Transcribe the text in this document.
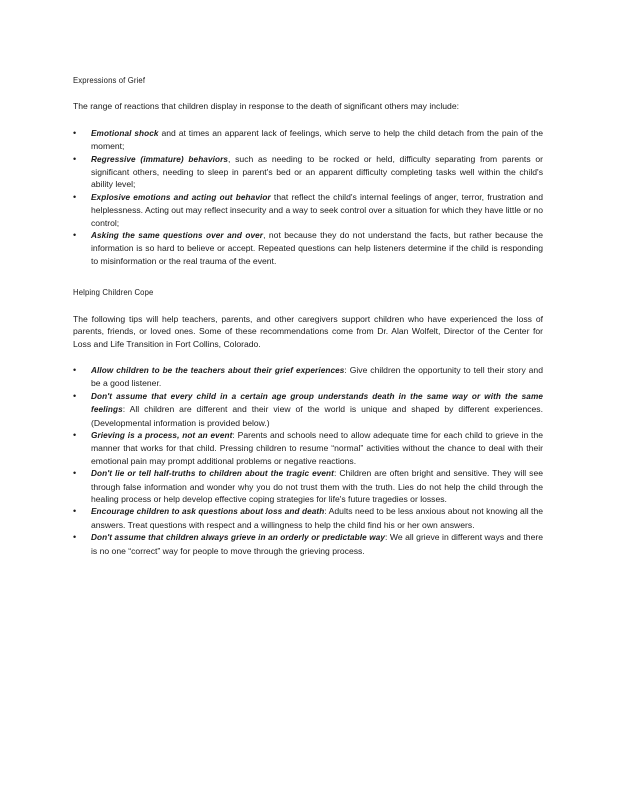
Expressions of Grief
The range of reactions that children display in response to the death of significant others may include:
• Emotional shock and at times an apparent lack of feelings, which serve to help the child detach from the pain of the moment;
• Regressive (immature) behaviors, such as needing to be rocked or held, difficulty separating from parents or significant others, needing to sleep in parent's bed or an apparent difficulty completing tasks well within the child's ability level;
• Explosive emotions and acting out behavior that reflect the child's internal feelings of anger, terror, frustration and helplessness. Acting out may reflect insecurity and a way to seek control over a situation for which they have little or no control;
• Asking the same questions over and over, not because they do not understand the facts, but rather because the information is so hard to believe or accept. Repeated questions can help listeners determine if the child is responding to misinformation or the real trauma of the event.
Helping Children Cope
The following tips will help teachers, parents, and other caregivers support children who have experienced the loss of parents, friends, or loved ones. Some of these recommendations come from Dr. Alan Wolfelt, Director of the Center for Loss and Life Transition in Fort Collins, Colorado.
• Allow children to be the teachers about their grief experiences: Give children the opportunity to tell their story and be a good listener.
• Don't assume that every child in a certain age group understands death in the same way or with the same feelings: All children are different and their view of the world is unique and shaped by different experiences. (Developmental information is provided below.)
• Grieving is a process, not an event: Parents and schools need to allow adequate time for each child to grieve in the manner that works for that child. Pressing children to resume “normal” activities without the chance to deal with their emotional pain may prompt additional problems or negative reactions.
• Don't lie or tell half-truths to children about the tragic event: Children are often bright and sensitive. They will see through false information and wonder why you do not trust them with the truth. Lies do not help the child through the healing process or help develop effective coping strategies for life's future tragedies or losses.
• Encourage children to ask questions about loss and death: Adults need to be less anxious about not knowing all the answers. Treat questions with respect and a willingness to help the child find his or her own answers.
• Don't assume that children always grieve in an orderly or predictable way: We all grieve in different ways and there is no one “correct” way for people to move through the grieving process.
